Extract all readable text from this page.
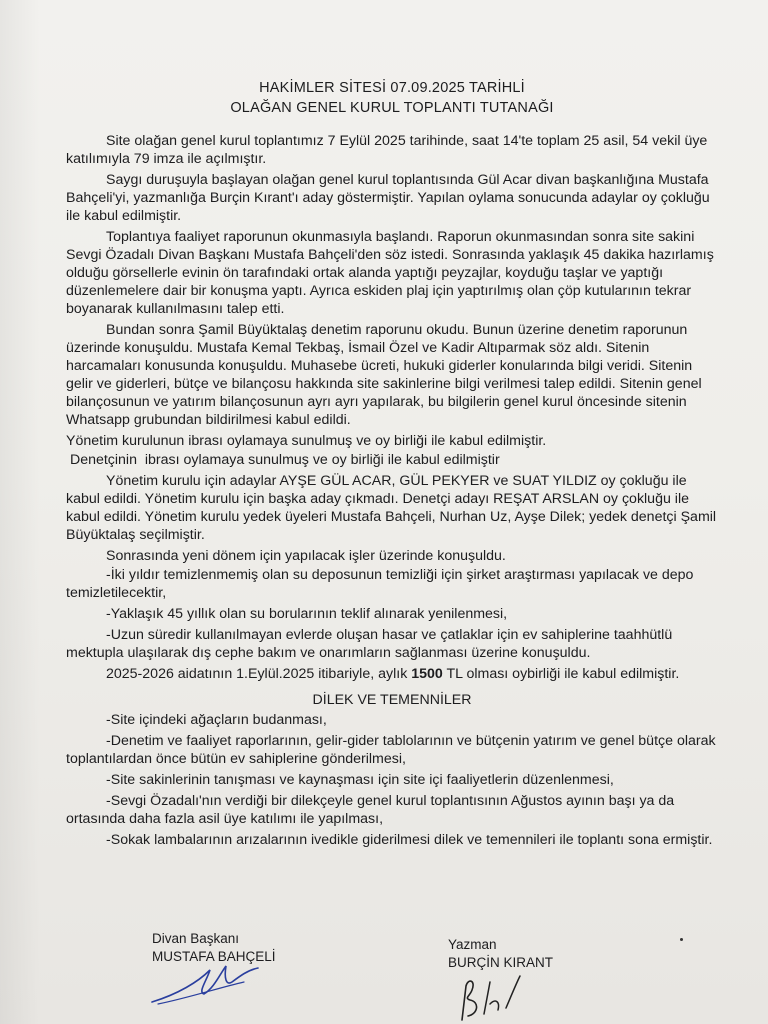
HAKİMLER SİTESİ 07.09.2025 TARİHLİ
OLAĞAN GENEL KURUL TOPLANTI TUTANAĞI

Site olağan genel kurul toplantımız 7 Eylül 2025 tarihinde, saat 14'te toplam 25 asil, 54 vekil üye katılımıyla 79 imza ile açılmıştır.

Saygı duruşuyla başlayan olağan genel kurul toplantısında Gül Acar divan başkanlığına Mustafa Bahçeli'yi, yazmanlığa Burçin Kırant'ı aday göstermiştir. Yapılan oylama sonucunda adaylar oy çokluğu ile kabul edilmiştir.

Toplantıya faaliyet raporunun okunmasıyla başlandı. Raporun okunmasından sonra site sakini Sevgi Özadalı Divan Başkanı Mustafa Bahçeli'den söz istedi. Sonrasında yaklaşık 45 dakika hazırlamış olduğu görsellerle evinin ön tarafındaki ortak alanda yaptığı peyzajlar, koyduğu taşlar ve yaptığı düzenlemelere dair bir konuşma yaptı. Ayrıca eskiden plaj için yaptırılmış olan çöp kutularının tekrar boyanarak kullanılmasını talep etti.

Bundan sonra Şamil Büyüktalaş denetim raporunu okudu. Bunun üzerine denetim raporunun üzerinde konuşuldu. Mustafa Kemal Tekbaş, İsmail Özel ve Kadir Altıparmak söz aldı. Sitenin harcamaları konusunda konuşuldu. Muhasebe ücreti, hukuki giderler konularında bilgi veridi. Sitenin gelir ve giderleri, bütçe ve bilançosu hakkında site sakinlerine bilgi verilmesi talep edildi. Sitenin genel bilançosunun ve yatırım bilançosunun ayrı ayrı yapılarak, bu bilgilerin genel kurul öncesinde sitenin Whatsapp grubundan bildirilmesi kabul edildi.

Yönetim kurulunun ibrası oylamaya sunulmuş ve oy birliği ile kabul edilmiştir.

Denetçinin  ibrası oylamaya sunulmuş ve oy birliği ile kabul edilmiştir

Yönetim kurulu için adaylar AYŞE GÜL ACAR, GÜL PEKYER ve SUAT YILDIZ oy çokluğu ile kabul edildi. Yönetim kurulu için başka aday çıkmadı. Denetçi adayı REŞAT ARSLAN oy çokluğu ile kabul edildi. Yönetim kurulu yedek üyeleri Mustafa Bahçeli, Nurhan Uz, Ayşe Dilek; yedek denetçi Şamil Büyüktalaş seçilmiştir.

Sonrasında yeni dönem için yapılacak işler üzerinde konuşuldu.

-İki yıldır temizlenmemiş olan su deposunun temizliği için şirket araştırması yapılacak ve depo temizletilecektir,

-Yaklaşık 45 yıllık olan su borularının teklif alınarak yenilenmesi,

-Uzun süredir kullanılmayan evlerde oluşan hasar ve çatlaklar için ev sahiplerine taahhütlü mektupla ulaşılarak dış cephe bakım ve onarımların sağlanması üzerine konuşuldu.

2025-2026 aidatının 1.Eylül.2025 itibariyle, aylık 1500 TL olması oybirliği ile kabul edilmiştir.

DİLEK VE TEMENNİLER

-Site içindeki ağaçların budanması,

-Denetim ve faaliyet raporlarının, gelir-gider tablolarının ve bütçenin yatırım ve genel bütçe olarak toplantılardan önce bütün ev sahiplerine gönderilmesi,

-Site sakinlerinin tanışması ve kaynaşması için site içi faaliyetlerin düzenlenmesi,

-Sevgi Özadalı'nın verdiği bir dilekçeyle genel kurul toplantısının Ağustos ayının başı ya da ortasında daha fazla asil üye katılımı ile yapılması,

-Sokak lambalarının arızalarının ivedikle giderilmesi dilek ve temennileri ile toplantı sona ermiştir.

Divan Başkanı
MUSTAFA BAHÇELİ
Yazman
BURÇİN KIRANT
